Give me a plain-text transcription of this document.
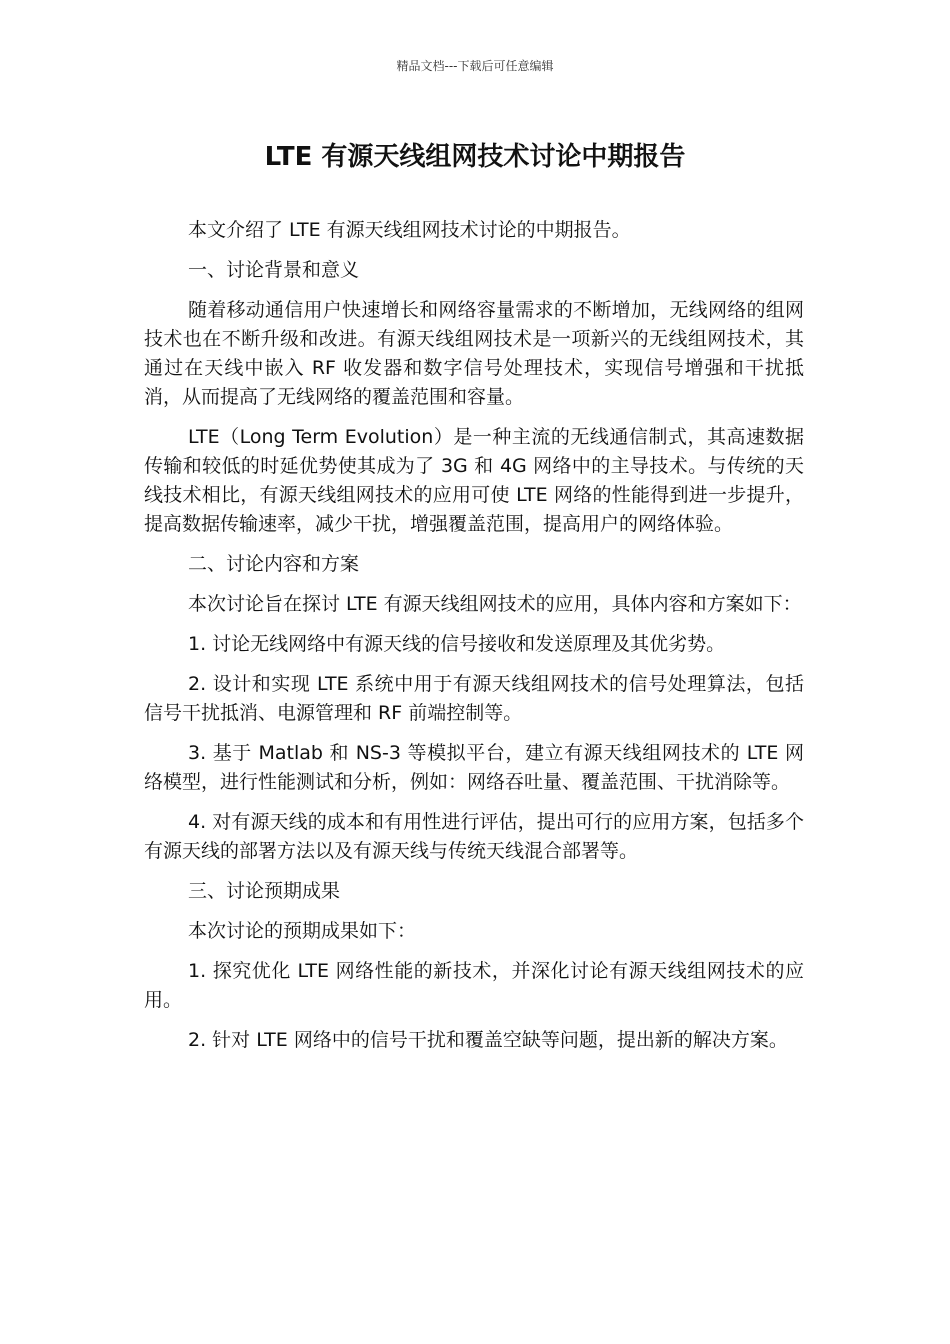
精品文档---下载后可任意编辑
LTE 有源天线组网技术讨论中期报告

本文介绍了 LTE 有源天线组网技术讨论的中期报告。

一、讨论背景和意义

随着移动通信用户快速增长和网络容量需求的不断增加，无线网络的组网技术也在不断升级和改进。有源天线组网技术是一项新兴的无线组网技术，其通过在天线中嵌入 RF 收发器和数字信号处理技术，实现信号增强和干扰抵消，从而提高了无线网络的覆盖范围和容量。

LTE（Long Term Evolution）是一种主流的无线通信制式，其高速数据传输和较低的时延优势使其成为了 3G 和 4G 网络中的主导技术。与传统的天线技术相比，有源天线组网技术的应用可使 LTE 网络的性能得到进一步提升，提高数据传输速率，减少干扰，增强覆盖范围，提高用户的网络体验。

二、讨论内容和方案

本次讨论旨在探讨 LTE 有源天线组网技术的应用，具体内容和方案如下：

1. 讨论无线网络中有源天线的信号接收和发送原理及其优劣势。

2. 设计和实现 LTE 系统中用于有源天线组网技术的信号处理算法，包括信号干扰抵消、电源管理和 RF 前端控制等。

3. 基于 Matlab 和 NS-3 等模拟平台，建立有源天线组网技术的 LTE 网络模型，进行性能测试和分析，例如：网络吞吐量、覆盖范围、干扰消除等。

4. 对有源天线的成本和有用性进行评估，提出可行的应用方案，包括多个有源天线的部署方法以及有源天线与传统天线混合部署等。

三、讨论预期成果

本次讨论的预期成果如下：

1. 探究优化 LTE 网络性能的新技术，并深化讨论有源天线组网技术的应用。

2. 针对 LTE 网络中的信号干扰和覆盖空缺等问题，提出新的解决方案。
